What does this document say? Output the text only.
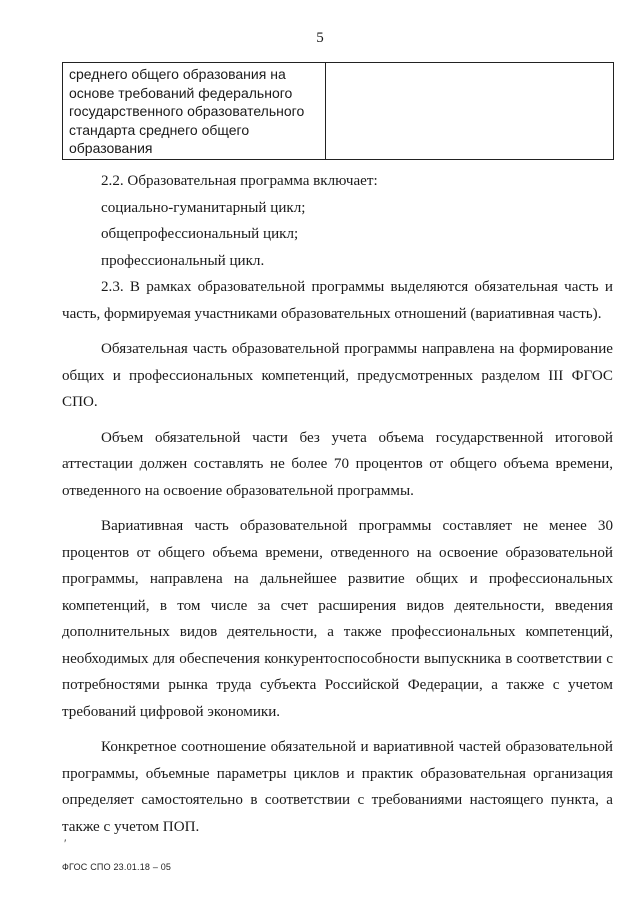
5
среднего общего образования на основе требований федерального государственного образовательного стандарта среднего общего образования	

2.2. Образовательная программа включает:

социально-гуманитарный цикл;

общепрофессиональный цикл;

профессиональный цикл.

2.3. В рамках образовательной программы выделяются обязательная часть и часть, формируемая участниками образовательных отношений (вариативная часть).

Обязательная часть образовательной программы направлена на формирование общих и профессиональных компетенций, предусмотренных разделом III ФГОС СПО.

Объем обязательной части без учета объема государственной итоговой аттестации должен составлять не более 70 процентов от общего объема времени, отведенного на освоение образовательной программы.

Вариативная часть образовательной программы составляет не менее 30 процентов от общего объема времени, отведенного на освоение образовательной программы, направлена на дальнейшее развитие общих и профессиональных компетенций, в том числе за счет расширения видов деятельности, введения дополнительных видов деятельности, а также профессиональных компетенций, необходимых для обеспечения конкурентоспособности выпускника в соответствии с потребностями рынка труда субъекта Российской Федерации, а также с учетом требований цифровой экономики.

Конкретное соотношение обязательной и вариативной частей образовательной программы, объемные параметры циклов и практик образовательная организация определяет самостоятельно в соответствии с требованиями настоящего пункта, а также с учетом ПОП.

′
ФГОС СПО 23.01.18 – 05
